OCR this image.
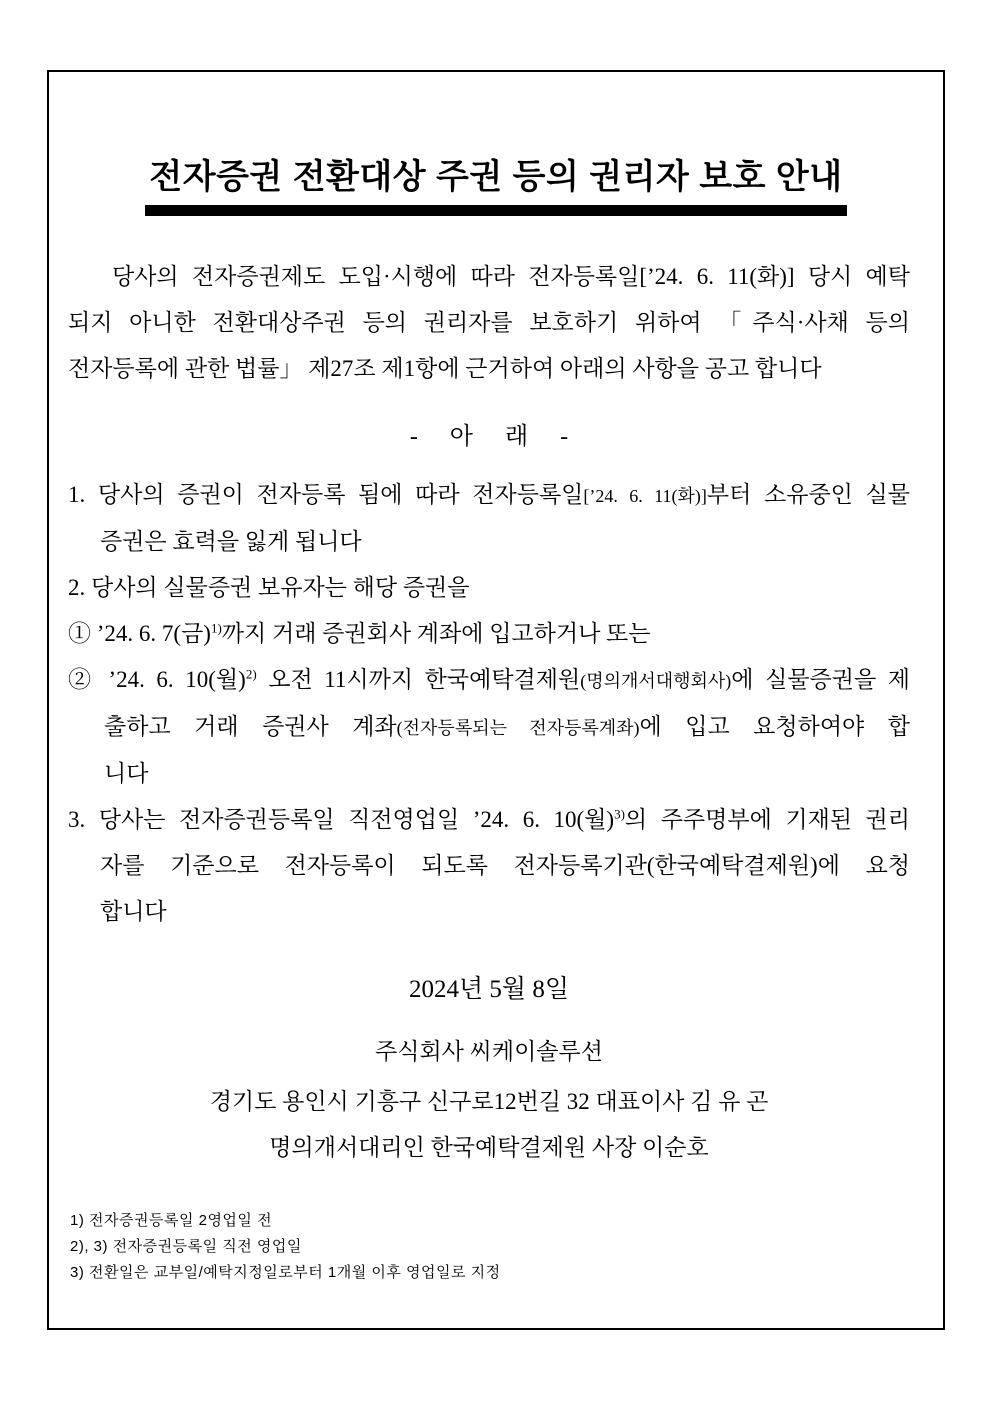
전자증권 전환대상 주권 등의 권리자 보호 안내
당사의 전자증권제도 도입·시행에 따라 전자등록일[’24. 6. 11(화)] 당시 예탁
되지 아니한 전환대상주권 등의 권리자를 보호하기 위하여 「주식·사채 등의
전자등록에 관한 법률」 제27조 제1항에 근거하여 아래의 사항을 공고 합니다
- 아 래 -
1. 당사의 증권이 전자등록 됨에 따라 전자등록일[’24. 6. 11(화)]부터 소유중인 실물
증권은 효력을 잃게 됩니다
2. 당사의 실물증권 보유자는 해당 증권을
① ’24. 6. 7(금)$^{1)}$까지 거래 증권회사 계좌에 입고하거나 또는
② ’24. 6. 10(월)$^{2)}$ 오전 11시까지 한국예탁결제원(명의개서대행회사)에 실물증권을 제
출하고 거래 증권사 계좌(전자등록되는 전자등록계좌)에 입고 요청하여야 합
니다
3. 당사는 전자증권등록일 직전영업일 ’24. 6. 10(월)$^{3)}$의 주주명부에 기재된 권리
자를 기준으로 전자등록이 되도록 전자등록기관(한국예탁결제원)에 요청
합니다
2024년 5월 8일
주식회사 씨케이솔루션
경기도 용인시 기흥구 신구로12번길 32 대표이사 김 유 곤
명의개서대리인 한국예탁결제원 사장 이순호
1) 전자증권등록일 2영업일 전
2), 3) 전자증권등록일 직전 영업일
3) 전환일은 교부일/예탁지정일로부터 1개월 이후 영업일로 지정
